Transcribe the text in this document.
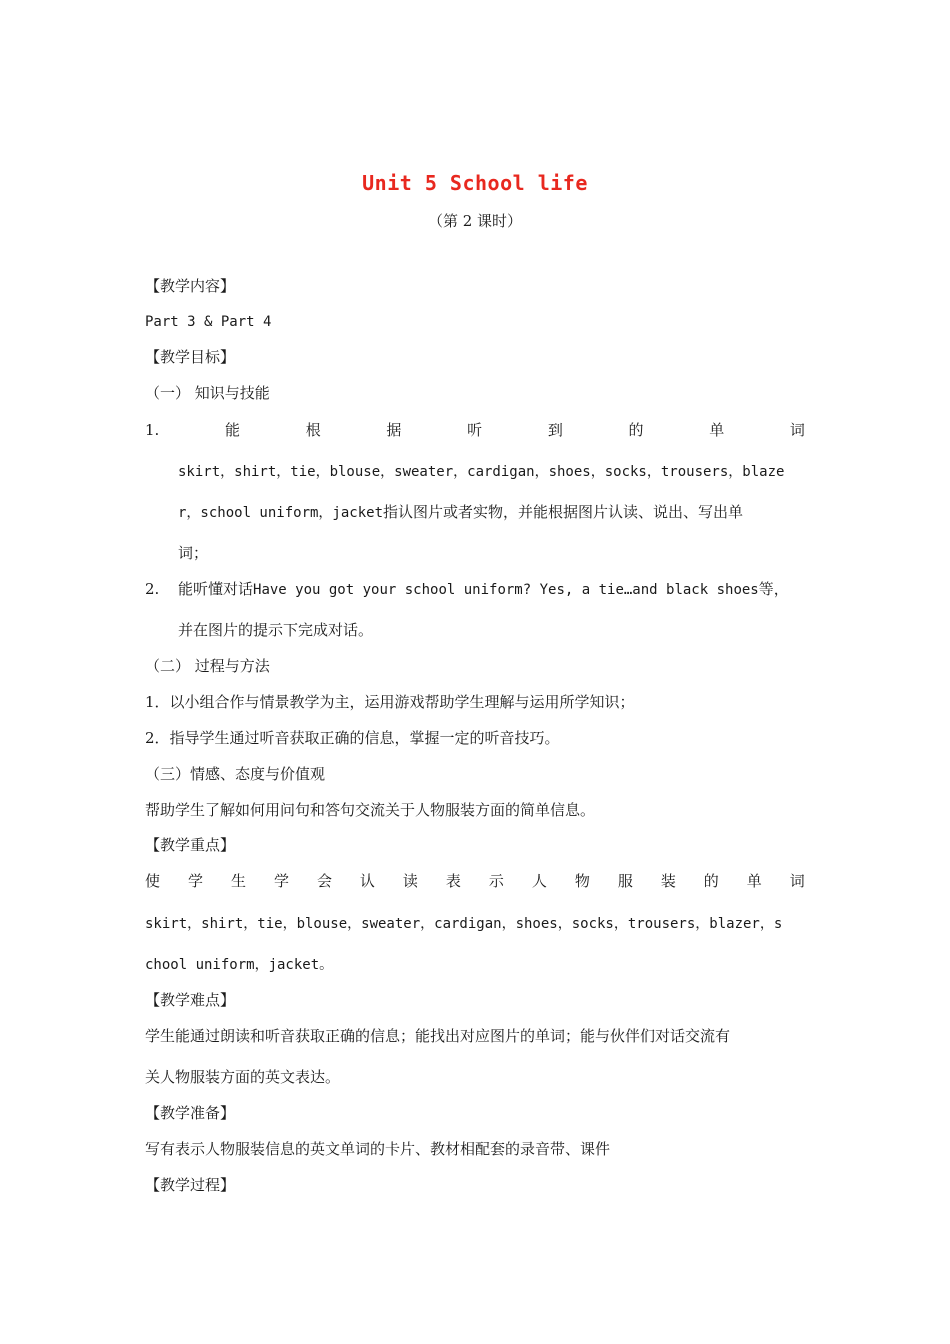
Unit 5 School life
（第 2 课时）
【教学内容】
Part 3 & Part 4
【教学目标】
（一） 知识与技能
1.	能	根	据	听	到	的	单	词
skirt，shirt，tie，blouse，sweater，cardigan，shoes，socks，trousers，blaze
r，school uniform，jacket指认图片或者实物，并能根据图片认读、说出、写出单
词；
2. 能听懂对话Have you got your school uniform? Yes, a tie…and black shoes等，
并在图片的提示下完成对话。
（二） 过程与方法
1．以小组合作与情景教学为主，运用游戏帮助学生理解与运用所学知识；
2．指导学生通过听音获取正确的信息，掌握一定的听音技巧。
（三）情感、态度与价值观
帮助学生了解如何用问句和答句交流关于人物服装方面的简单信息。
【教学重点】
使 学 生 学 会 认 读 表 示 人 物 服 装 的 单 词
skirt，shirt，tie，blouse，sweater，cardigan，shoes，socks，trousers，blazer，s
chool uniform，jacket。
【教学难点】
学生能通过朗读和听音获取正确的信息；能找出对应图片的单词；能与伙伴们对话交流有
关人物服装方面的英文表达。
【教学准备】
写有表示人物服装信息的英文单词的卡片、教材相配套的录音带、课件
【教学过程】
